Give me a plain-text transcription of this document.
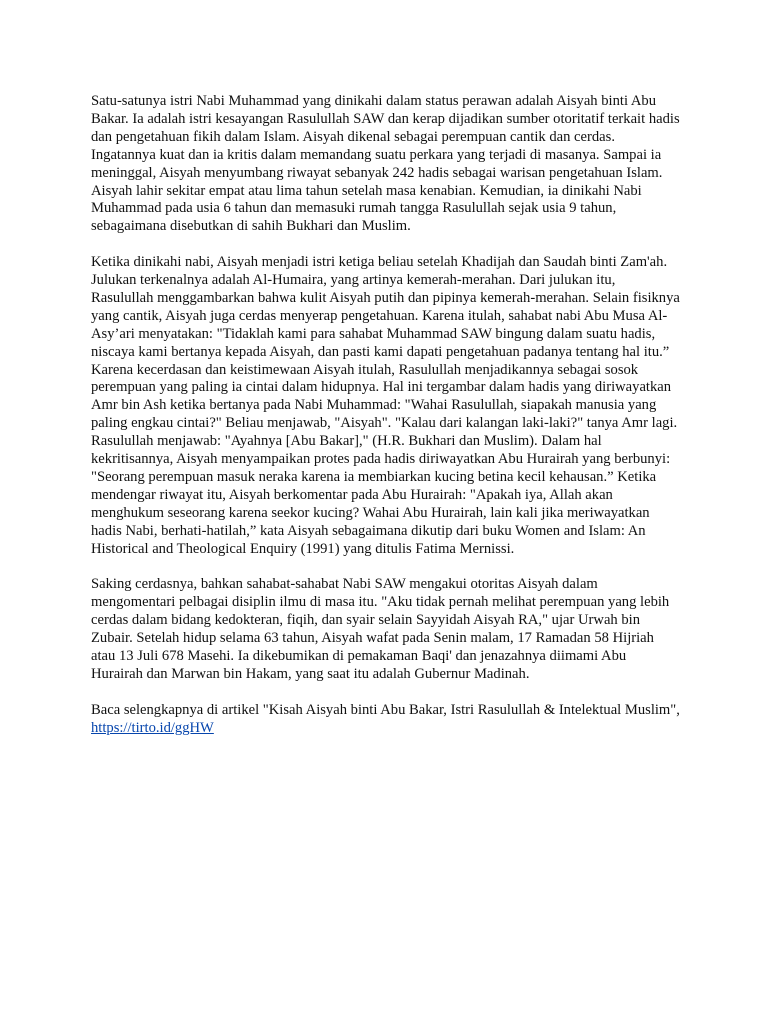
Satu-satunya istri Nabi Muhammad yang dinikahi dalam status perawan adalah Aisyah binti Abu Bakar. Ia adalah istri kesayangan Rasulullah SAW dan kerap dijadikan sumber otoritatif terkait hadis dan pengetahuan fikih dalam Islam. Aisyah dikenal sebagai perempuan cantik dan cerdas. Ingatannya kuat dan ia kritis dalam memandang suatu perkara yang terjadi di masanya. Sampai ia meninggal, Aisyah menyumbang riwayat sebanyak 242 hadis sebagai warisan pengetahuan Islam. Aisyah lahir sekitar empat atau lima tahun setelah masa kenabian. Kemudian, ia dinikahi Nabi Muhammad pada usia 6 tahun dan memasuki rumah tangga Rasulullah sejak usia 9 tahun, sebagaimana disebutkan di sahih Bukhari dan Muslim.

Ketika dinikahi nabi, Aisyah menjadi istri ketiga beliau setelah Khadijah dan Saudah binti Zam'ah. Julukan terkenalnya adalah Al-Humaira, yang artinya kemerah-merahan. Dari julukan itu, Rasulullah menggambarkan bahwa kulit Aisyah putih dan pipinya kemerah-merahan. Selain fisiknya yang cantik, Aisyah juga cerdas menyerap pengetahuan. Karena itulah, sahabat nabi Abu Musa Al-Asy’ari menyatakan: "Tidaklah kami para sahabat Muhammad SAW bingung dalam suatu hadis, niscaya kami bertanya kepada Aisyah, dan pasti kami dapati pengetahuan padanya tentang hal itu.” Karena kecerdasan dan keistimewaan Aisyah itulah, Rasulullah menjadikannya sebagai sosok perempuan yang paling ia cintai dalam hidupnya. Hal ini tergambar dalam hadis yang diriwayatkan Amr bin Ash ketika bertanya pada Nabi Muhammad: "Wahai Rasulullah, siapakah manusia yang paling engkau cintai?" Beliau menjawab, "Aisyah". "Kalau dari kalangan laki-laki?" tanya Amr lagi. Rasulullah menjawab: "Ayahnya [Abu Bakar]," (H.R. Bukhari dan Muslim). Dalam hal kekritisannya, Aisyah menyampaikan protes pada hadis diriwayatkan Abu Hurairah yang berbunyi: "Seorang perempuan masuk neraka karena ia membiarkan kucing betina kecil kehausan.” Ketika mendengar riwayat itu, Aisyah berkomentar pada Abu Hurairah: "Apakah iya, Allah akan menghukum seseorang karena seekor kucing? Wahai Abu Hurairah, lain kali jika meriwayatkan hadis Nabi, berhati-hatilah,” kata Aisyah sebagaimana dikutip dari buku Women and Islam: An Historical and Theological Enquiry (1991) yang ditulis Fatima Mernissi.

Saking cerdasnya, bahkan sahabat-sahabat Nabi SAW mengakui otoritas Aisyah dalam mengomentari pelbagai disiplin ilmu di masa itu. "Aku tidak pernah melihat perempuan yang lebih cerdas dalam bidang kedokteran, fiqih, dan syair selain Sayyidah Aisyah RA," ujar Urwah bin Zubair. Setelah hidup selama 63 tahun, Aisyah wafat pada Senin malam, 17 Ramadan 58 Hijriah atau 13 Juli 678 Masehi. Ia dikebumikan di pemakaman Baqi' dan jenazahnya diimami Abu Hurairah dan Marwan bin Hakam, yang saat itu adalah Gubernur Madinah.

Baca selengkapnya di artikel "Kisah Aisyah binti Abu Bakar, Istri Rasulullah & Intelektual Muslim", https://tirto.id/ggHW
